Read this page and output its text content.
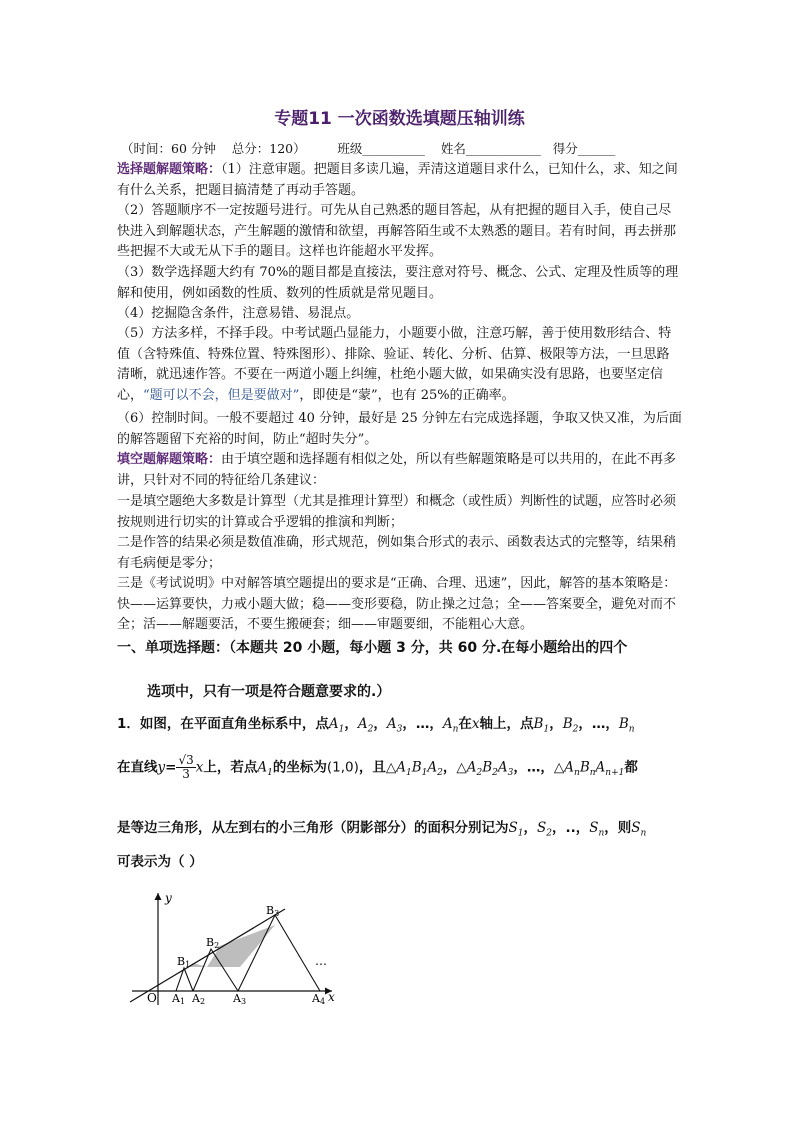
专题11 一次函数选填题压轴训练
（时间：60 分钟    总分：120）        班级__________    姓名____________   得分______
选择题解题策略：（1）注意审题。把题目多读几遍，弄清这道题目求什么，已知什么，求、知之间有什么关系，把题目搞清楚了再动手答题。
（2）答题顺序不一定按题号进行。可先从自己熟悉的题目答起，从有把握的题目入手，使自己尽快进入到解题状态，产生解题的激情和欲望，再解答陌生或不太熟悉的题目。若有时间，再去拼那些把握不大或无从下手的题目。这样也许能超水平发挥。
（3）数学选择题大约有 70%的题目都是直接法，要注意对符号、概念、公式、定理及性质等的理解和使用，例如函数的性质、数列的性质就是常见题目。
（4）挖掘隐含条件，注意易错、易混点。
（5）方法多样，不择手段。中考试题凸显能力，小题要小做，注意巧解，善于使用数形结合、特值（含特殊值、特殊位置、特殊图形）、排除、验证、转化、分析、估算、极限等方法，一旦思路清晰，就迅速作答。不要在一两道小题上纠缠，杜绝小题大做，如果确实没有思路，也要坚定信心，“题可以不会，但是要做对”，即使是“蒙”，也有 25%的正确率。
（6）控制时间。一般不要超过 40 分钟，最好是 25 分钟左右完成选择题，争取又快又准，为后面的解答题留下充裕的时间，防止“超时失分”。
填空题解题策略：由于填空题和选择题有相似之处，所以有些解题策略是可以共用的，在此不再多讲，只针对不同的特征给几条建议：
一是填空题绝大多数是计算型（尤其是推理计算型）和概念（或性质）判断性的试题，应答时必须按规则进行切实的计算或合乎逻辑的推演和判断；
二是作答的结果必须是数值准确，形式规范，例如集合形式的表示、函数表达式的完整等，结果稍有毛病便是零分；
三是《考试说明》中对解答填空题提出的要求是“正确、合理、迅速”，因此，解答的基本策略是：快——运算要快，力戒小题大做；稳——变形要稳，防止操之过急；全——答案要全，避免对而不全；活——解题要活，不要生搬硬套；细——审题要细，不能粗心大意。
一、单项选择题：（本题共 20 小题，每小题 3 分，共 60 分.在每小题给出的四个
选项中，只有一项是符合题意要求的.）
1．如图，在平面直角坐标系中，点$A_1$，$A_2$，$A_3$，…，$A_n$在x轴上，点$B_1$，$B_2$，…，$B_n$
在直线$y= \frac{√3}{3}$ x上，若点$A_1$的坐标为(1,0)，且$\triangle A_1B_1A_2$，$\triangle A_2B_2A_3$，…，$\triangle A_nB_nA_{n+1}$都
是等边三角形，从左到右的小三角形（阴影部分）的面积分别记为$S_1$，$S_2$，..，$S_n$，则$S_n$
可表示为（ ）
y
x
O
…
A1 A2	A3	A4
B1
B2
B3
